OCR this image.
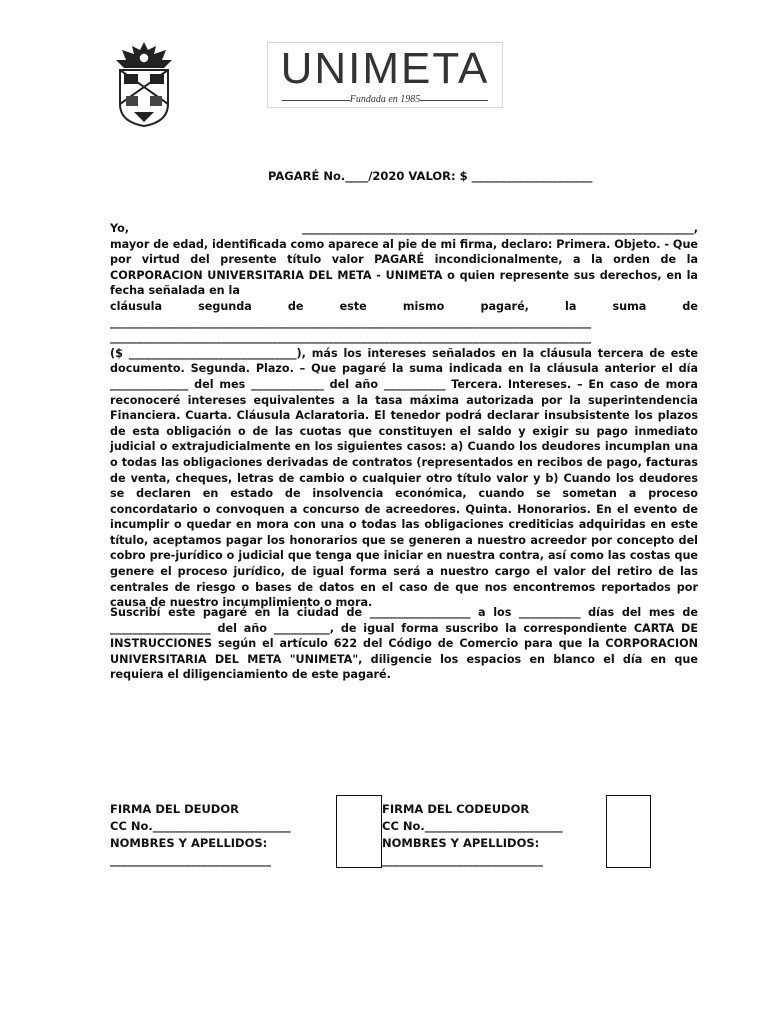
UNIMETA
Fundada en 1985
PAGARÉ No.____/2020 VALOR: $ _____________________
Yo, ______________________________________________________________________,
mayor de edad, identificada como aparece al pie de mi firma, declaro: Primera. Objeto. - Que por virtud del presente título valor PAGARÉ incondicionalmente, a la orden de la CORPORACION UNIVERSITARIA DEL META - UNIMETA o quien represente sus derechos, en la fecha señalada en la
cláusula segunda de este mismo pagaré, la suma de
______________________________________________________________________________________
______________________________________________________________________________________
($ ______________________________), más los intereses señalados en la cláusula tercera de este documento. Segunda. Plazo. – Que pagaré la suma indicada en la cláusula anterior el día ______________ del mes _____________ del año ___________ Tercera. Intereses. – En caso de mora reconoceré intereses equivalentes a la tasa máxima autorizada por la superintendencia Financiera. Cuarta. Cláusula Aclaratoria. El tenedor podrá declarar insubsistente los plazos de esta obligación o de las cuotas que constituyen el saldo y exigir su pago inmediato judicial o extrajudicialmente en los siguientes casos: a) Cuando los deudores incumplan una o todas las obligaciones derivadas de contratos (representados en recibos de pago, facturas de venta, cheques, letras de cambio o cualquier otro título valor y b) Cuando los deudores se declaren en estado de insolvencia económica, cuando se sometan a proceso concordatario o convoquen a concurso de acreedores. Quinta. Honorarios. En el evento de incumplir o quedar en mora con una o todas las obligaciones crediticias adquiridas en este título, aceptamos pagar los honorarios que se generen a nuestro acreedor por concepto del cobro pre-jurídico o judicial que tenga que iniciar en nuestra contra, así como las costas que genere el proceso jurídico, de igual forma será a nuestro cargo el valor del retiro de las centrales de riesgo o bases de datos en el caso de que nos encontremos reportados por causa de nuestro incumplimiento o mora.
Suscribí este pagaré en la ciudad de __________________ a los ___________ días del mes de __________________ del año __________, de igual forma suscribo la correspondiente CARTA DE INSTRUCCIONES según el artículo 622 del Código de Comercio para que la CORPORACION UNIVERSITARIA DEL META "UNIMETA", diligencie los espacios en blanco el día en que requiera el diligenciamiento de este pagaré.
FIRMA DEL DEUDOR
CC No.________________________
NOMBRES Y APELLIDOS:
____________________________
FIRMA DEL CODEUDOR
CC No.________________________
NOMBRES Y APELLIDOS:
____________________________
